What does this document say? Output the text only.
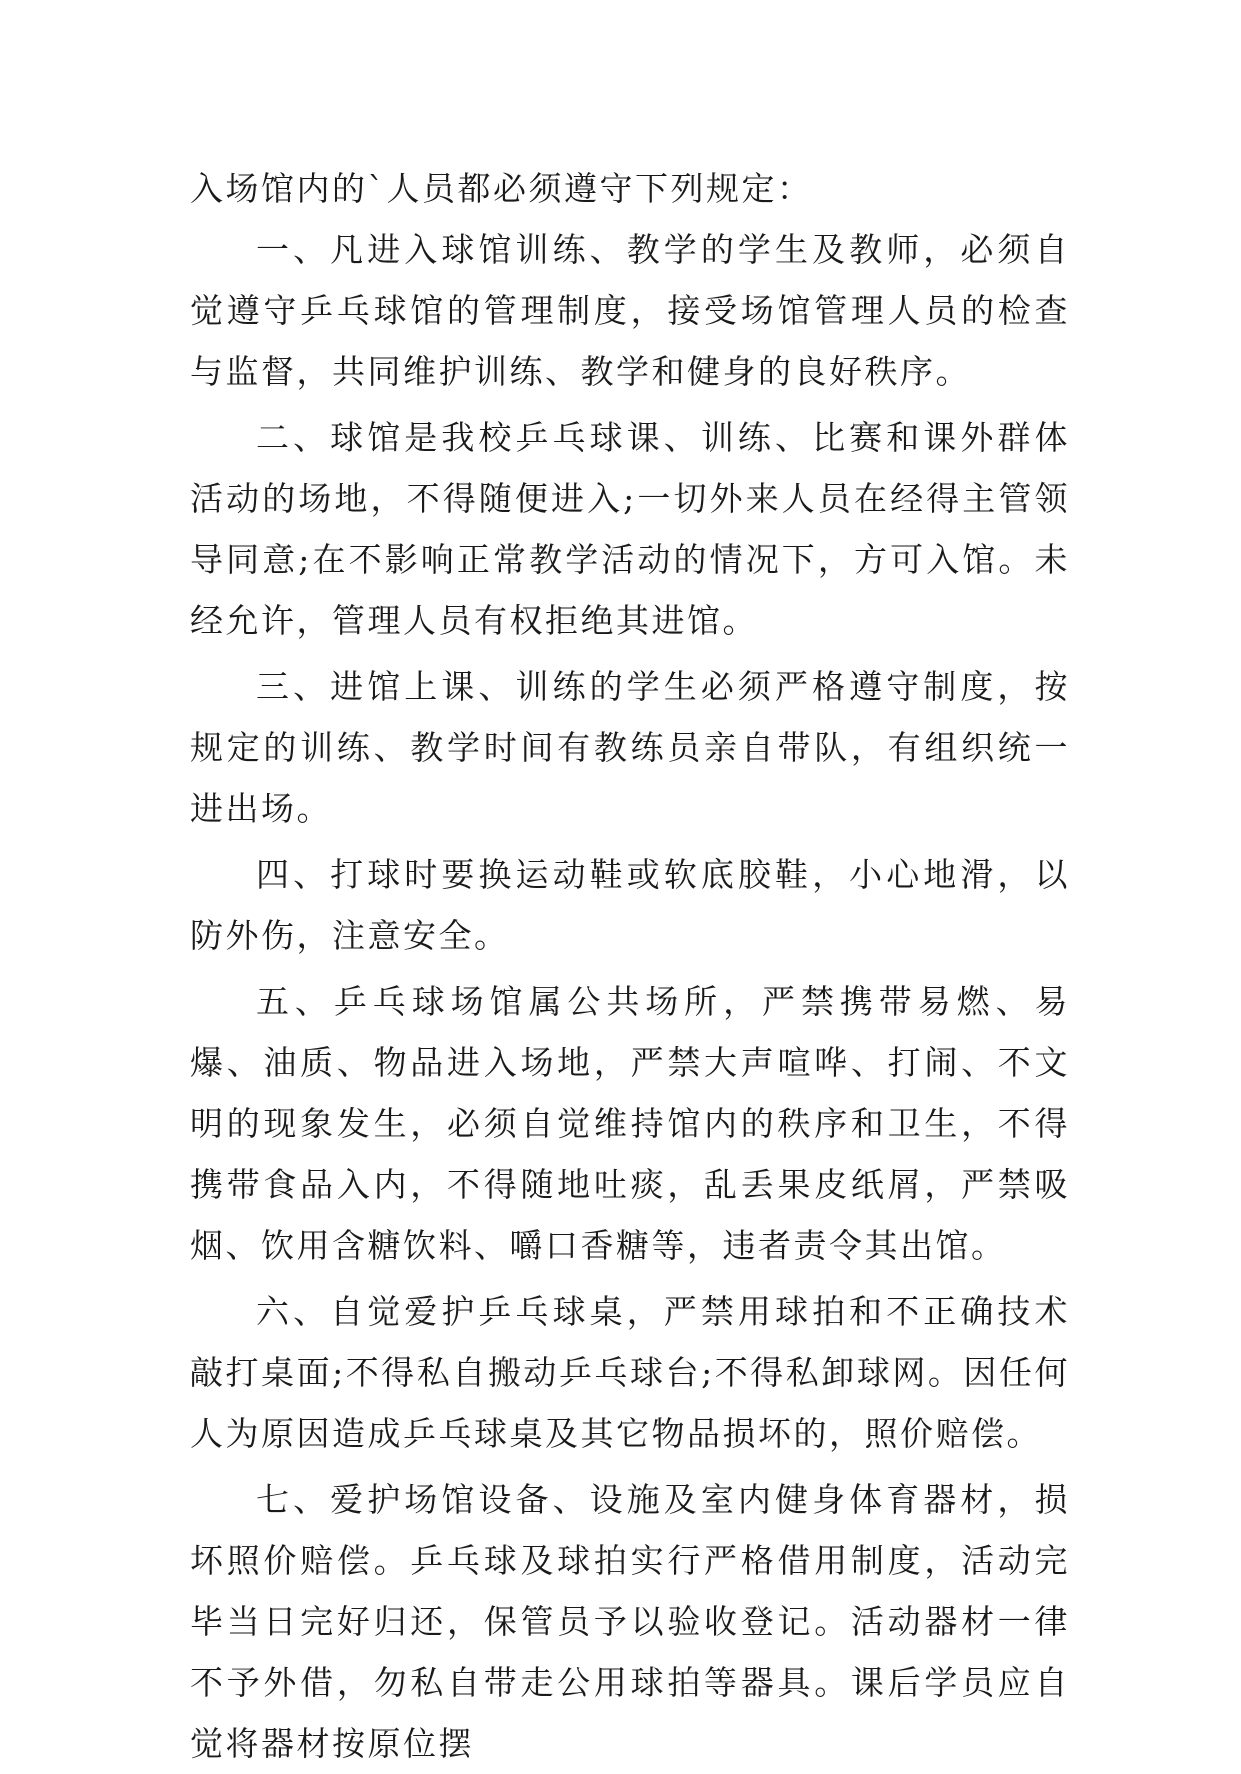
入场馆内的`人员都必须遵守下列规定：

一、凡进入球馆训练、教学的学生及教师，必须自觉遵守乒乓球馆的管理制度，接受场馆管理人员的检查与监督，共同维护训练、教学和健身的良好秩序。

二、球馆是我校乒乓球课、训练、比赛和课外群体活动的场地，不得随便进入;一切外来人员在经得主管领导同意;在不影响正常教学活动的情况下，方可入馆。未经允许，管理人员有权拒绝其进馆。

三、进馆上课、训练的学生必须严格遵守制度，按规定的训练、教学时间有教练员亲自带队，有组织统一进出场。

四、打球时要换运动鞋或软底胶鞋，小心地滑，以防外伤，注意安全。

五、乒乓球场馆属公共场所，严禁携带易燃、易爆、油质、物品进入场地，严禁大声喧哗、打闹、不文明的现象发生，必须自觉维持馆内的秩序和卫生，不得携带食品入内，不得随地吐痰，乱丢果皮纸屑，严禁吸烟、饮用含糖饮料、嚼口香糖等，违者责令其出馆。

六、自觉爱护乒乓球桌，严禁用球拍和不正确技术敲打桌面;不得私自搬动乒乓球台;不得私卸球网。因任何人为原因造成乒乓球桌及其它物品损坏的，照价赔偿。

七、爱护场馆设备、设施及室内健身体育器材，损坏照价赔偿。乒乓球及球拍实行严格借用制度，活动完毕当日完好归还，保管员予以验收登记。活动器材一律不予外借，勿私自带走公用球拍等器具。课后学员应自觉将器材按原位摆
